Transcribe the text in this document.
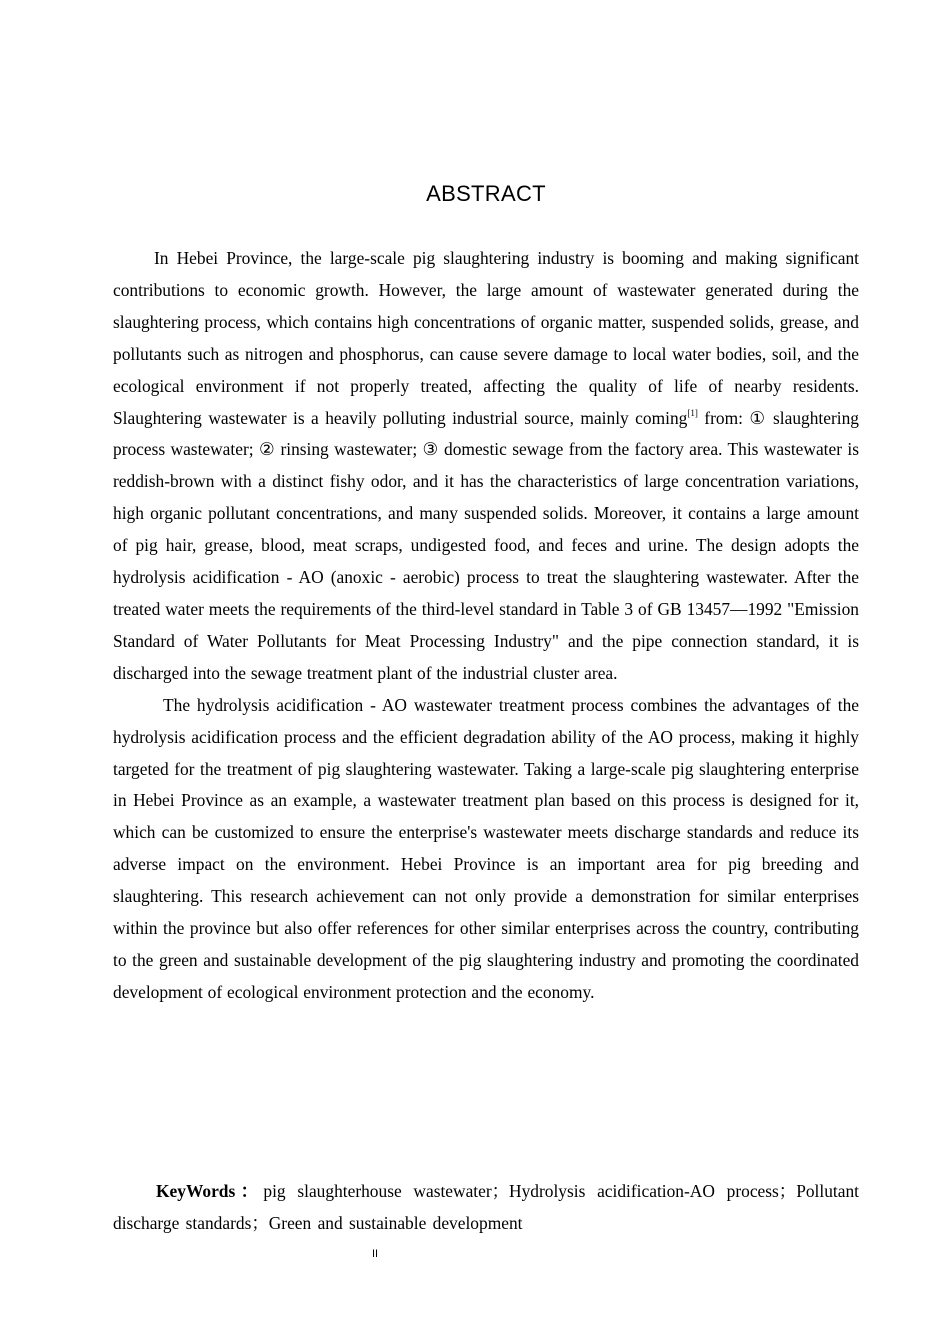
ABSTRACT

In Hebei Province, the large-scale pig slaughtering industry is booming and making significant contributions to economic growth. However, the large amount of wastewater generated during the slaughtering process, which contains high concentrations of organic matter, suspended solids, grease, and pollutants such as nitrogen and phosphorus, can cause severe damage to local water bodies, soil, and the ecological environment if not properly treated, affecting the quality of life of nearby residents. Slaughtering wastewater is a heavily polluting industrial source, mainly coming[1] from: ① slaughtering process wastewater; ② rinsing wastewater; ③ domestic sewage from the factory area. This wastewater is reddish-brown with a distinct fishy odor, and it has the characteristics of large concentration variations, high organic pollutant concentrations, and many suspended solids. Moreover, it contains a large amount of pig hair, grease, blood, meat scraps, undigested food, and feces and urine. The design adopts the hydrolysis acidification - AO (anoxic - aerobic) process to treat the slaughtering wastewater. After the treated water meets the requirements of the third-level standard in Table 3 of GB 13457—1992 "Emission Standard of Water Pollutants for Meat Processing Industry" and the pipe connection standard, it is discharged into the sewage treatment plant of the industrial cluster area.

The hydrolysis acidification - AO wastewater treatment process combines the advantages of the hydrolysis acidification process and the efficient degradation ability of the AO process, making it highly targeted for the treatment of pig slaughtering wastewater. Taking a large-scale pig slaughtering enterprise in Hebei Province as an example, a wastewater treatment plan based on this process is designed for it, which can be customized to ensure the enterprise's wastewater meets discharge standards and reduce its adverse impact on the environment. Hebei Province is an important area for pig breeding and slaughtering. This research achievement can not only provide a demonstration for similar enterprises within the province but also offer references for other similar enterprises across the country, contributing to the green and sustainable development of the pig slaughtering industry and promoting the coordinated development of ecological environment protection and the economy.

KeyWords：pig slaughterhouse wastewater；Hydrolysis acidification-AO process；Pollutant discharge standards；Green and sustainable development
II
